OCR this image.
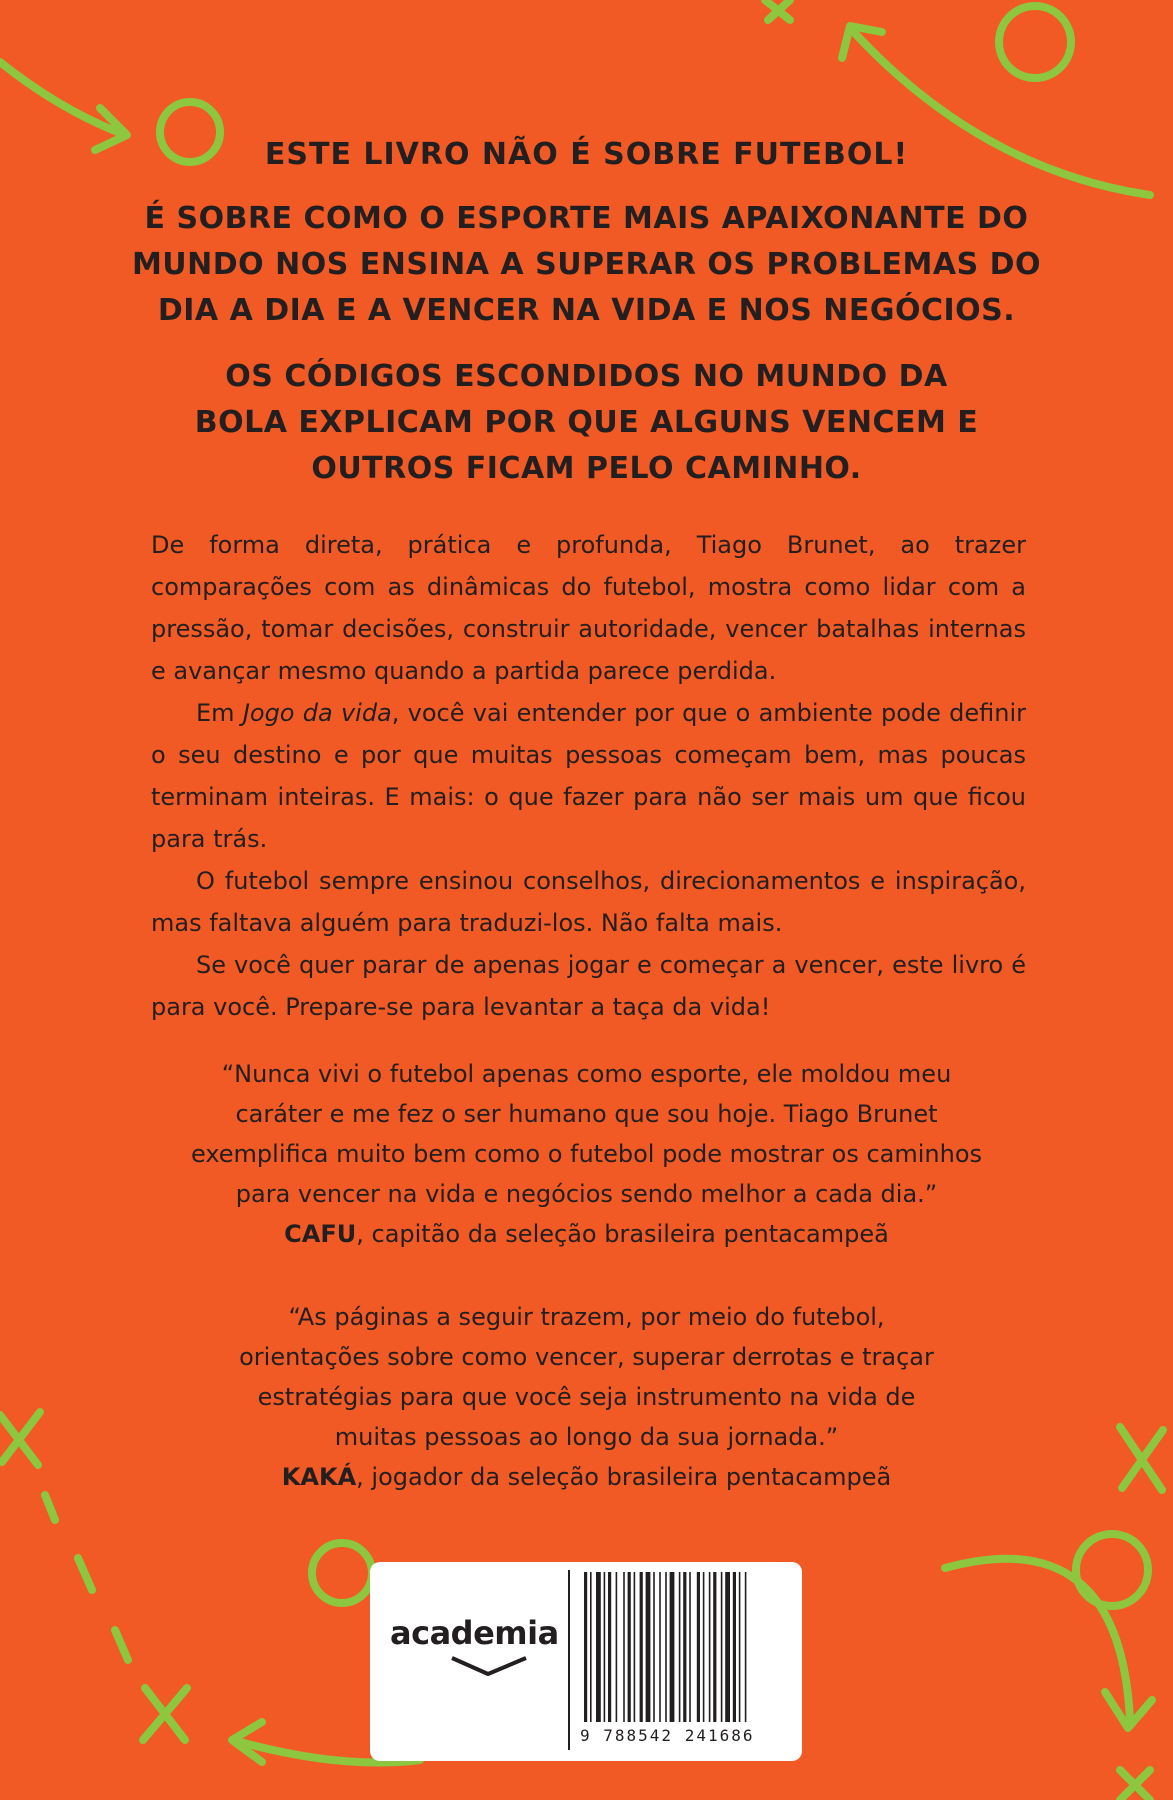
ESTE LIVRO NÃO É SOBRE FUTEBOL!
É SOBRE COMO O ESPORTE MAIS APAIXONANTE DO
MUNDO NOS ENSINA A SUPERAR OS PROBLEMAS DO
DIA A DIA E A VENCER NA VIDA E NOS NEGÓCIOS.
OS CÓDIGOS ESCONDIDOS NO MUNDO DA
BOLA EXPLICAM POR QUE ALGUNS VENCEM E
OUTROS FICAM PELO CAMINHO.

De forma direta, prática e profunda, Tiago Brunet, ao trazer comparações com as dinâmicas do futebol, mostra como lidar com a pressão, tomar decisões, construir autoridade, vencer batalhas internas e avançar mesmo quando a partida parece perdida.

Em Jogo da vida, você vai entender por que o ambiente pode definir o seu destino e por que muitas pessoas começam bem, mas poucas terminam inteiras. E mais: o que fazer para não ser mais um que ficou para trás.

O futebol sempre ensinou conselhos, direcionamentos e inspiração, mas faltava alguém para traduzi-los. Não falta mais.

Se você quer parar de apenas jogar e começar a vencer, este livro é para você. Prepare-se para levantar a taça da vida!

“Nunca vivi o futebol apenas como esporte, ele moldou meu
caráter e me fez o ser humano que sou hoje. Tiago Brunet
exemplifica muito bem como o futebol pode mostrar os caminhos
para vencer na vida e negócios sendo melhor a cada dia.”
CAFU, capitão da seleção brasileira pentacampeã
“As páginas a seguir trazem, por meio do futebol,
orientações sobre como vencer, superar derrotas e traçar
estratégias para que você seja instrumento na vida de
muitas pessoas ao longo da sua jornada.”
KAKÁ, jogador da seleção brasileira pentacampeã
academia
9 788542 241686
